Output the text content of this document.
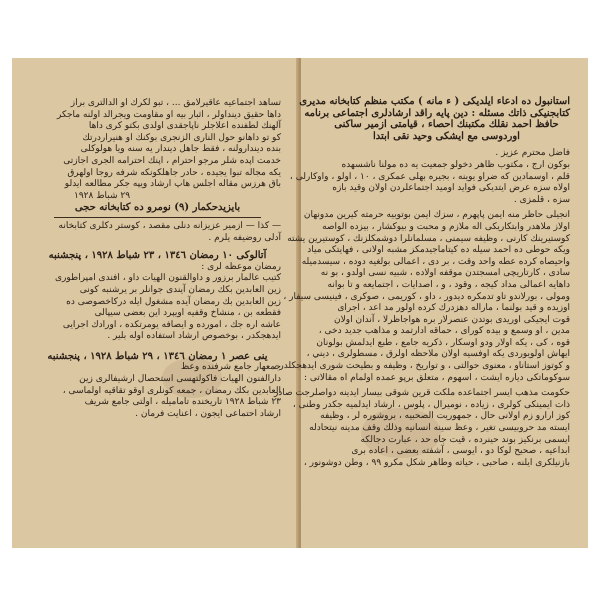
تساهد اجتماعيه عاقيرلامق ... ، تبو لكرك او الدالترى براز
داها حقيق دينداولر ، اثبار بيه او مقاومت ويجرالد اولنه ماجكر
آلهنك لطفنده اعلاجلر ناپاجقدى اولدى بكتو كرى داها
كو تو داهانو حول النارى الزنجرى بوكنك او هنيراردرتك
بنده ديندارولنه ، فقط جاهل ديندار يه سنه ويا هولوكلى
خدمت اپده شلر مرجو احترام ، اپنك احترامه الجرى اجازتى
يكه مجاله تبوا يجيده ، حادر جاهلكونكه شرفه روجا اولهرق
باق هرزس مقاله اجلس هاپ ارشاد ويپه جكر مطالعه ايدلو
٢٩ شباط ١٩٢٨
بايزيدحكمار (٩) نومرو ده كتابخانه حجى
— كذا — ازمير عزيزانه دنلى مقصد ، كوستر دكلرى كتابخانه
آدلى روضيفه يلرم .
آتالوكى ١٠ رمضان ١٣٤٦ ، ٢٣ شباط ١٩٢٨ ، پنجشنبه
رمضان موعظه لرى :
كتيب عالمار برزور و داوالقنون الهيات داو ، افندى امپراطورى
زين العابدين بكك رمضان آيندى جوانلر بر يرشنبه كونى
زين العابدين بك رمضان آيده مشغول ايله دركاخصوصى ده
فقطعه بن ، منشاخ وقفيه اويپرد اين بعضى سيپالى
عاشه اره جك ، امورده و ايصافه يومرتكده ، اورادك اجرايى
ايدهجكدر ، بوخصوص ارشاد استفاده اوله بلير .
ينى عصر ١ رمضان ١٣٤٦ ، ٢٩ شباط ١٩٢٨ ، پنجشنبه
جمعهار جامع شرفنده وعظ
دارالفنون الهيات فاكولتهسى استحصال ارشيفالرى زين
العابدين بكك رمضان ، جمعه كونلرى اوقو تقاقيه اولماسى ،
٢٣ شباط ١٩٢٨ تاريخنده تاماميله ، اولتى جامع شريف
ارشاد احتماعى ايجون ، اعنايت فرمان .
استانبول ده ادعاء ايلديكى ( ء مانه ) مكتب منظم كتابخانه مديرى
كتابجنيكى ذاتك مسئله : دين پايه راقد ارشادلرى اجتماعى برنامه
حافظ احمد نقلك مكتبنك احصاء ، قيامتى ازمير ساكنى
اوردوسى مع ايشكى وحيد نقى ابتدا
فاضل محترم عزيز .
بوكون ارج ، مكتوب ظاهر دخولو جمعيت يه ده مولنا ناشسهده
قلم ، اوسمادين كه ضراو يوينه ، بجيره بهلى عمكرى ، ١٠ ، اولو ، واوكارلى ،
اولاه سزه عرض ايتديكى فوايد اوميد اجتماعلردن اولان وقيد بازه
سزه ، قلمزى .
انجيلى حاظر منه ايمن پاپهرم ، سزك ايمن بوتوبيه حرمته كيرين مدونهان
اولاز ملاهدر وابتكاريكى اله ملازم و محبت و بيوكشار ، بيزده الواصه
كوستيرينك كارنى ، وظيفه سيمنى ، مسلمانلرا دوشمكلزنك ، كوستيرين يشته
ويكه حوطى ده احمد سيله ده كيتاماجيدمكز مشبه اولانى ، فهايتكى مياد
واحيصاه كرده عطه واحد وقت ، بر دى ، اعمالى بولغيه دوده ، سيسدميله
سادى ، كارتاريچى امسجتدن موقفه اولاده ، شبيه نسى اولدو ، بو نه
داهايه اعمالى مداد كيجه ، وقود ، و ، اصدايات ، اجتمايعه و تا بوانه
ومولى ، بورلاندو تاو تدمكره ديدور ، داو ، كوريمى ، صوكرى ، فينيسى سيفار ،
اوزيده و قيد بولنما ، ماراله دهزدرك كرده اولور مد اعد ، اجراى
قوت ايجيكى اوريدى بوتدن عنصرلار بره هواجاظرلا ، آندان اولان
مدين ، او وسمع و بيده كوراى ، حماقه ادارتمد و مذاهب جديد دخى ،
قوه ، كى ، يكه اولار ودو اوسكار ، ذكريه جامع ، طبع ايدلمش بولونان
ايهاش اولويوردى يكه اوفسيه اولان ملاحظه اولرق ، مسطولرى ، ديني ،
و كوتوز استاناو ، معنوى حوالتى ، و تواريخ ، وظيفه و بطيحت شورى ايدهجكلدر ،
سوكوماتكى دياره ايشت ، اسهوم ، متعلق برپو عمده اولمام اه مقالاتى :
حكومت مذهب ايسر اجتماعده ملكت قرين شوقى بيسار ايدينه دواصلرجت صادر
ذات ايمينكى كولرى ، زياده ، نوميرال ، پلوس ، ارشاد ايدلميه جكدر وطنى ،
كوز ارارو زم اولانى حال ، جمهوريت الصحبيه ، بروشوره لر ، وظيفه
ايسته مد حروبيسى تغير ، وعظ سينه انسانيه وذلك وقف مدينه نيتحادله
ايسمى برنكيز بوند حينرده ، قيت جاه حد ، عبارت دجالكه
ابداعيه ، صحيح لوكا دو ، ايوسى ، آشفته بعضى ، اعاده برى
بازنيلكرى ايلنه ، صاحبى ، حياته وطاهر شكل مكرو ٩٩ ، وطن دوشونور ،
